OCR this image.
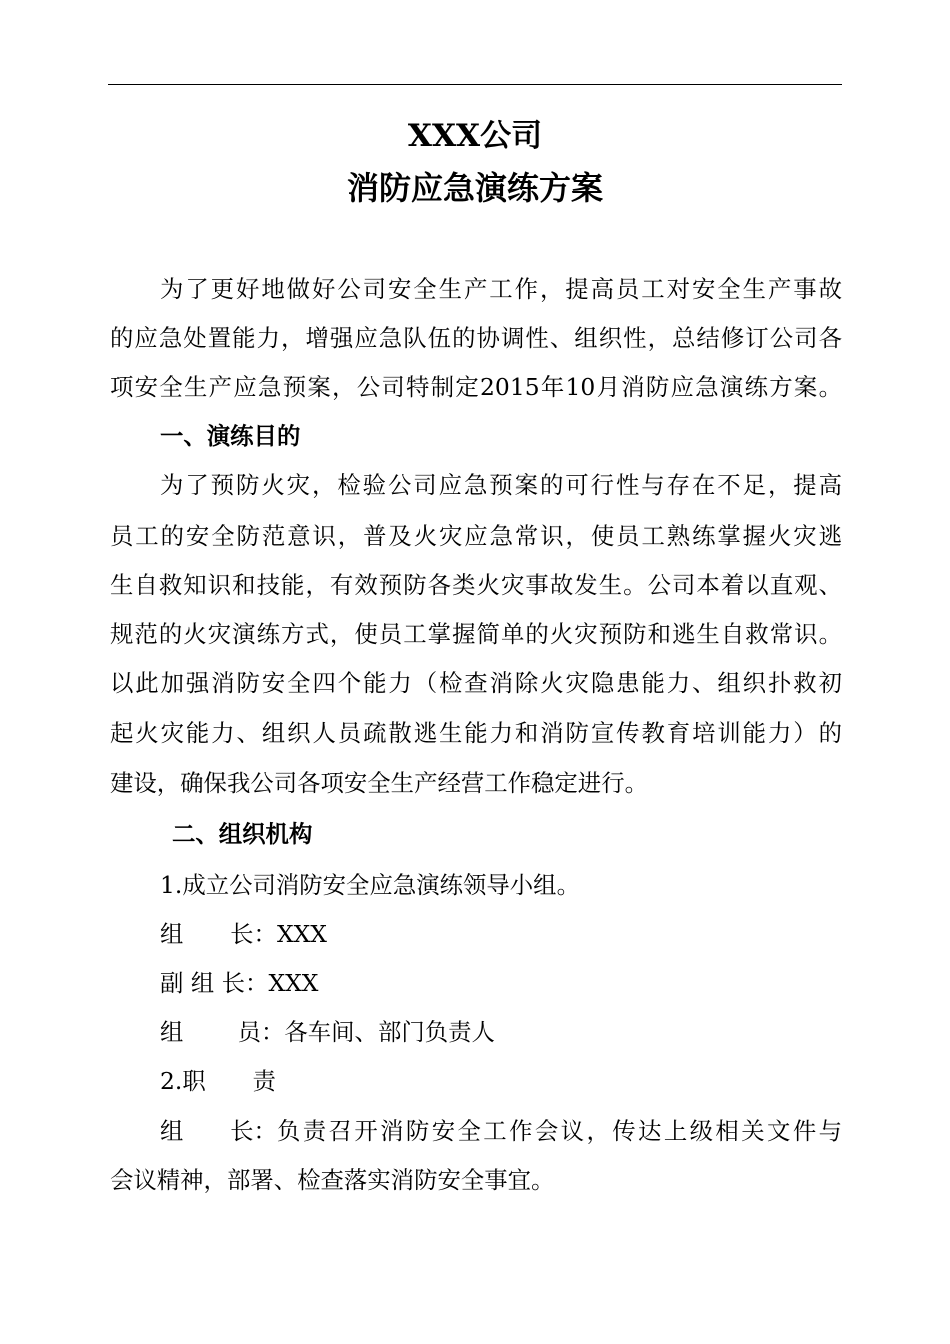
XXX公司
消防应急演练方案
为了更好地做好公司安全生产工作，提高员工对安全生产事故
的应急处置能力，增强应急队伍的协调性、组织性，总结修订公司各
项安全生产应急预案，公司特制定2015年10月消防应急演练方案。
一、演练目的
为了预防火灾，检验公司应急预案的可行性与存在不足，提高
员工的安全防范意识，普及火灾应急常识，使员工熟练掌握火灾逃
生自救知识和技能，有效预防各类火灾事故发生。公司本着以直观、
规范的火灾演练方式，使员工掌握简单的火灾预防和逃生自救常识。
以此加强消防安全四个能力（检查消除火灾隐患能力、组织扑救初
起火灾能力、组织人员疏散逃生能力和消防宣传教育培训能力）的
建设，确保我公司各项安全生产经营工作稳定进行。
二、组织机构
1.成立公司消防安全应急演练领导小组。
组　　长：XXX
副 组 长：XXX
组　　 员：各车间、部门负责人
2.职　　责
组　　长： 负责召开消防安全工作会议，传达上级相关文件与
会议精神，部署、检查落实消防安全事宜。
